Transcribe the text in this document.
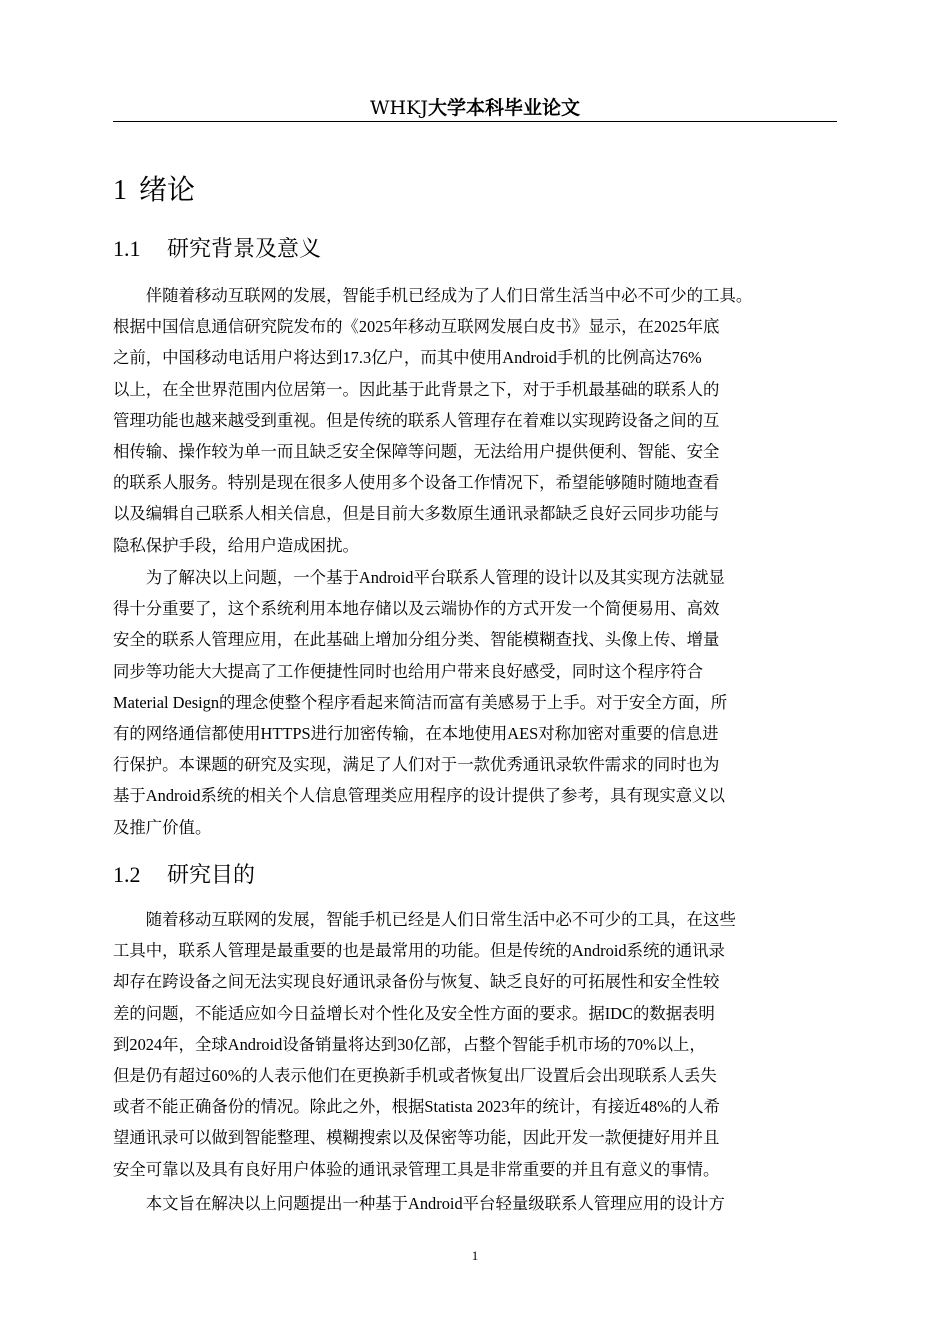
WHKJ大学本科毕业论文
1 绪论
1.1 研究背景及意义
　　伴随着移动互联网的发展，智能手机已经成为了人们日常生活当中必不可少的工具。
根据中国信息通信研究院发布的《2025年移动互联网发展白皮书》显示，在2025年底
之前，中国移动电话用户将达到17.3亿户，而其中使用Android手机的比例高达76%
以上，在全世界范围内位居第一。因此基于此背景之下，对于手机最基础的联系人的
管理功能也越来越受到重视。但是传统的联系人管理存在着难以实现跨设备之间的互
相传输、操作较为单一而且缺乏安全保障等问题，无法给用户提供便利、智能、安全
的联系人服务。特别是现在很多人使用多个设备工作情况下，希望能够随时随地查看
以及编辑自己联系人相关信息，但是目前大多数原生通讯录都缺乏良好云同步功能与
隐私保护手段，给用户造成困扰。
　　为了解决以上问题，一个基于Android平台联系人管理的设计以及其实现方法就显
得十分重要了，这个系统利用本地存储以及云端协作的方式开发一个简便易用、高效
安全的联系人管理应用，在此基础上增加分组分类、智能模糊查找、头像上传、增量
同步等功能大大提高了工作便捷性同时也给用户带来良好感受，同时这个程序符合
Material Design的理念使整个程序看起来简洁而富有美感易于上手。对于安全方面，所
有的网络通信都使用HTTPS进行加密传输，在本地使用AES对称加密对重要的信息进
行保护。本课题的研究及实现，满足了人们对于一款优秀通讯录软件需求的同时也为
基于Android系统的相关个人信息管理类应用程序的设计提供了参考，具有现实意义以
及推广价值。
1.2 研究目的
　　随着移动互联网的发展，智能手机已经是人们日常生活中必不可少的工具，在这些
工具中，联系人管理是最重要的也是最常用的功能。但是传统的Android系统的通讯录
却存在跨设备之间无法实现良好通讯录备份与恢复、缺乏良好的可拓展性和安全性较
差的问题，不能适应如今日益增长对个性化及安全性方面的要求。据IDC的数据表明
到2024年，全球Android设备销量将达到30亿部，占整个智能手机市场的70%以上，
但是仍有超过60%的人表示他们在更换新手机或者恢复出厂设置后会出现联系人丢失
或者不能正确备份的情况。除此之外，根据Statista 2023年的统计，有接近48%的人希
望通讯录可以做到智能整理、模糊搜索以及保密等功能，因此开发一款便捷好用并且
安全可靠以及具有良好用户体验的通讯录管理工具是非常重要的并且有意义的事情。
　　本文旨在解决以上问题提出一种基于Android平台轻量级联系人管理应用的设计方
1
